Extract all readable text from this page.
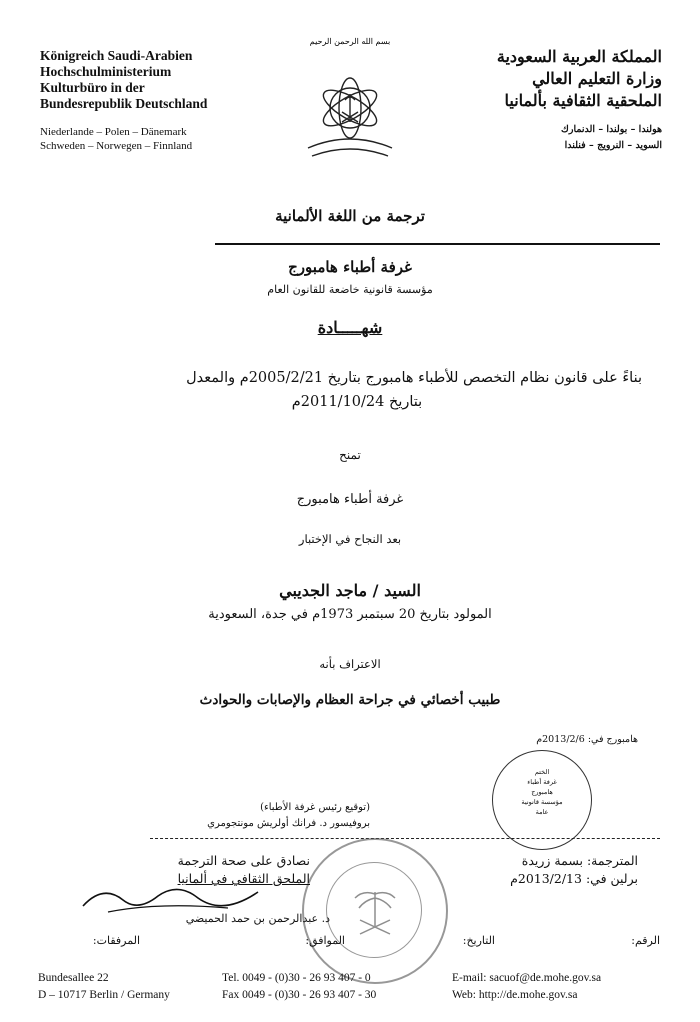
Königreich Saudi-Arabien
Hochschulministerium
Kulturbüro in der
Bundesrepublik Deutschland
Niederlande – Polen – Dänemark
Schweden – Norwegen – Finnland
المملكة العربية السعودية
وزارة التعليم العالي
الملحقية الثقافية بألمانيا
هولندا – بولندا – الدنمارك
السويد – النرويج – فنلندا
بسم الله الرحمن الرحيم
ترجمة من اللغة الألمانية
غرفة أطباء هامبورج
مؤسسة قانونية خاضعة للقانون العام
شهـــــادة
بناءً على قانون نظام التخصص للأطباء هامبورج بتاريخ 2005/2/21م والمعدل
بتاريخ 2011/10/24م
تمنح
غرفة أطباء هامبورج
بعد النجاح في الإختبار
السيد / ماجد الجديبي
المولود بتاريخ 20 سبتمبر 1973م في جدة، السعودية
الاعتراف بأنه
طبيب أخصائي في جراحة العظام والإصابات والحوادث
هامبورج في: 2013/2/6م
الختم
غرفة أطباء
هامبورج
مؤسسة قانونية
عامة
(توقيع رئيس غرفة الأطباء)
بروفيسور د. فرانك أولريش مونتجومري
نصادق على صحة الترجمة
الملحق الثقافي في ألمانيا
المترجمة: بسمة زريدة
برلين في: 2013/2/13م
د. عبدالرحمن بن حمد الحميضي
الرقم:
التاريخ:
الموافق:
المرفقات:
Bundesallee 22
D – 10717 Berlin / Germany
Tel. 0049 - (0)30 - 26 93 407 - 0
Fax 0049 - (0)30 - 26 93 407 - 30
E-mail: sacuof@de.mohe.gov.sa
Web: http://de.mohe.gov.sa
